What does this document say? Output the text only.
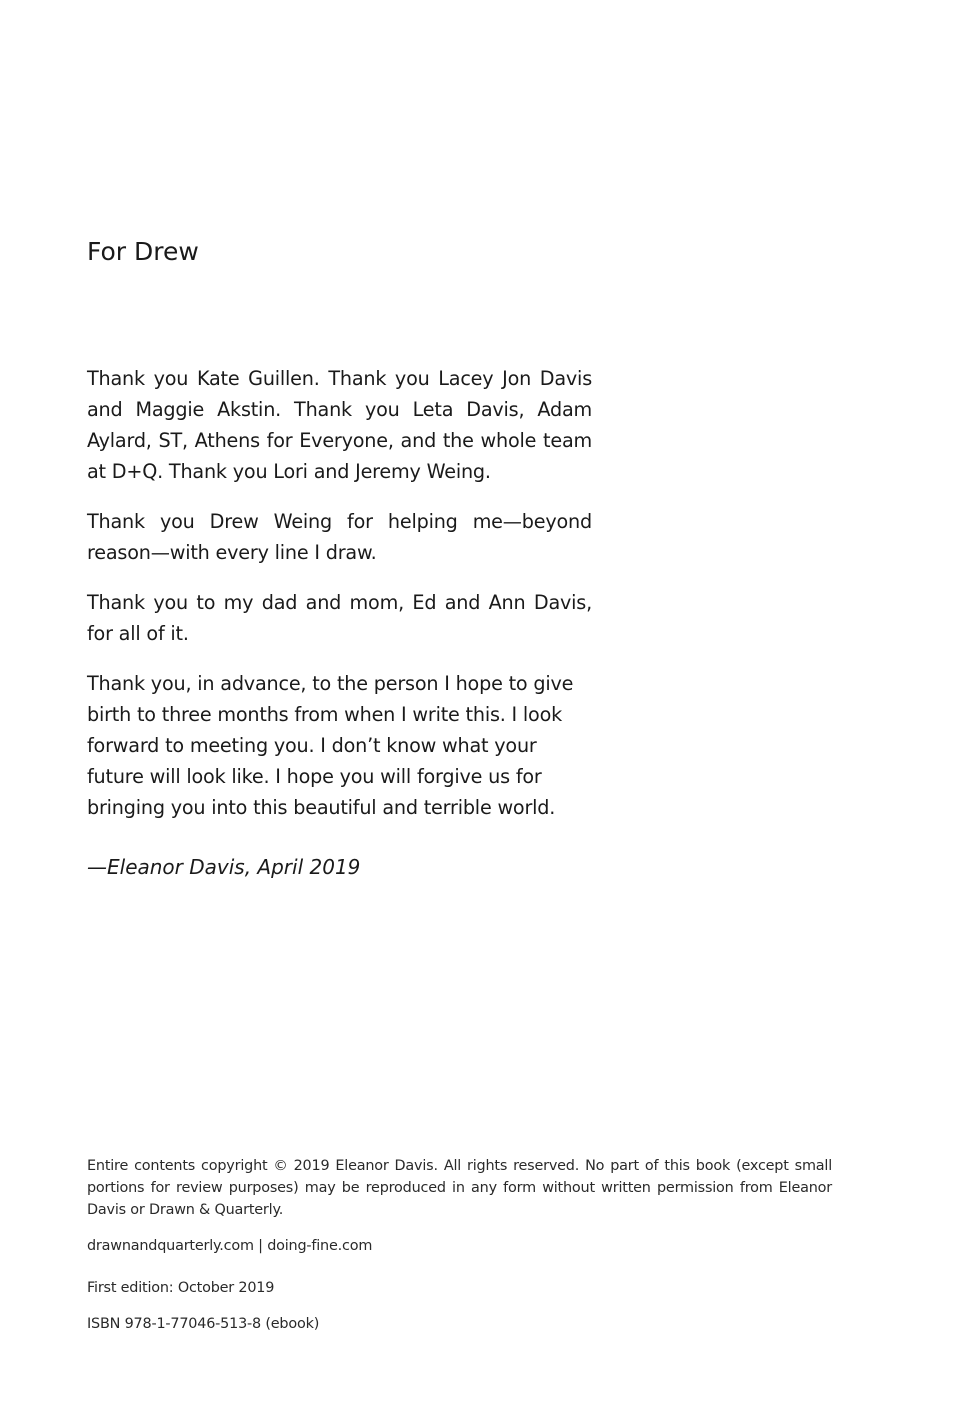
For Drew

Thank you Kate Guillen. Thank you Lacey Jon Davis and Maggie Akstin. Thank you Leta Davis, Adam Aylard, ST, Athens for Everyone, and the whole team at D+Q. Thank you Lori and Jeremy Weing.

Thank you Drew Weing for helping me—beyond reason—with every line I draw.

Thank you to my dad and mom, Ed and Ann Davis, for all of it.

Thank you, in advance, to the person I hope to give birth to three months from when I write this. I look forward to meeting you. I don’t know what your future will look like. I hope you will forgive us for bringing you into this beautiful and terrible world.

—Eleanor Davis, April 2019

Entire contents copyright © 2019 Eleanor Davis. All rights reserved. No part of this book (except small portions for review purposes) may be reproduced in any form without written permission from Eleanor Davis or Drawn & Quarterly.

drawnandquarterly.com | doing-fine.com

First edition: October 2019

ISBN 978-1-77046-513-8 (ebook)
